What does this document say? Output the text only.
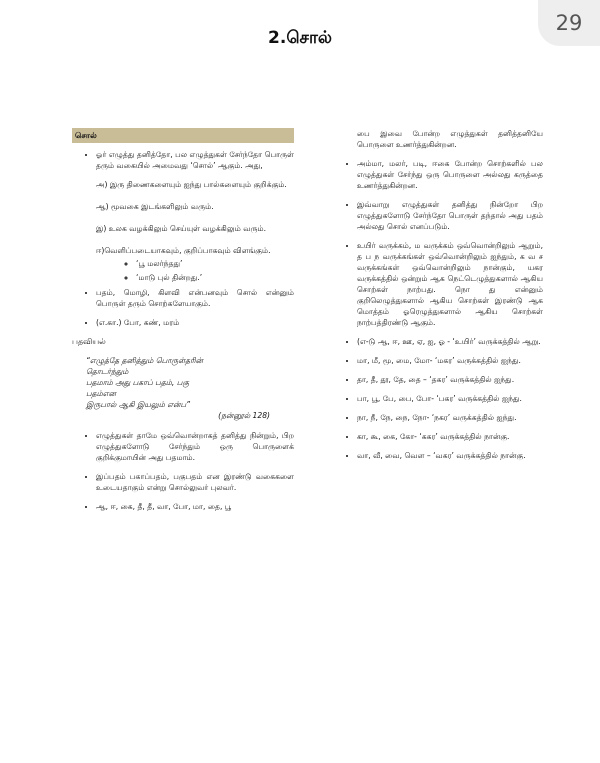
29
2.சொல்
சொல்
• ஓர் எழுத்து தனித்தோ, பல எழுத்துகள் சேர்ந்தோ பொருள் தரும் வகையில் அமைவது ‘சொல்’ ஆகும். அது,
அ) இரு திணைகளையும் ஐந்து பால்களையும் குறிக்கும்.
ஆ) மூவகை இடங்களிலும் வரும்.
இ) உலக வழக்கிலும் செய்யுள் வழக்கிலும் வரும்.
ஈ)வெளிப்படையாகவும், குறிப்பாகவும் விளங்கும்.
◦ ‘பூ மலர்ந்தது’
◦ ‘மாடு புல் தின்றது.’
• பதம், மொழி, கிளவி என்பனவும் சொல் என்னும் பொருள் தரும் சொற்களேயாகும்.
• (எ.கா.) போ, கண், மரம்
பதவியல்
“எழுத்தே தனித்தும் பொருள்தரின்
தொடர்ந்தும்
பதமாம் அது பகாப் பதம், பகு
பதம்என
இருபால் ஆகி இயலும் என்ப”
(நன்னூல் 128)
• எழுத்துகள் தாமே ஒவ்வொன்றாகத் தனித்து நின்றும், பிற எழுத்துகளோடு சேர்ந்தும் ஒரு பொருளைக் குறிக்குமாயின் அது பதமாம்.
• இப்பதம் பகாப்பதம், பகுபதம் என இரண்டு வகைகளை உடையதாகும் என்று சொல்லுவர் புலவர்.
• ஆ, ஈ, கை, தீ, தீ, வா, போ, மா, தை, பூ
பை இவை போன்ற எழுத்துகள் தனித்தனியே பொருளை உணர்த்துகின்றன.
• அம்மா, மலர், படி, ஈகை போன்ற சொற்களில் பல எழுத்துகள் சேர்ந்து ஒரு பொருளை அல்லது கருத்தை உணர்த்துகின்றன.
• இவ்வாறு எழுத்துகள் தனித்து நின்றோ பிற எழுத்துகளோடு சேர்ந்தோ பொருள் தந்தால் அது பதம் அல்லது சொல் எனப்படும்.
• உயிர் வருக்கம், ம வருக்கம் ஒவ்வொன்றிலும் ஆறும், த ப ந வருக்கங்கள் ஒவ்வொன்றிலும் ஐந்தும், க வ ச வருக்கங்கள் ஒவ்வொன்றிலும் நான்கும், யகர வருக்கத்தில் ஒன்றும் ஆக நெட்டெழுத்துகளால் ஆகிய சொற்கள் நாற்பது. நொ து என்னும் குறிலெழுத்துகளால் ஆகிய சொற்கள் இரண்டு ஆக மொத்தம் ஓரெழுத்துகளால் ஆகிய சொற்கள் நாற்பத்திரண்டு ஆகும்.
• (எ-டு ஆ, ஈ, ஊ, ஏ, ஐ, ஓ - ‘உயிர்’ வருக்கத்தில் ஆறு.
• மா, மீ, மூ, மை, மோ- ‘மகர’ வருக்கத்தில் ஐந்து.
• தா, தீ, தூ, தே, தை – ‘தகர’ வருக்கத்தில் ஐந்து.
• பா, பூ, பே, பை, போ- ‘பகர’ வருக்கத்தில் ஐந்து.
• நா, நீ, நே, நை, நோ- ‘நகர’ வருக்கத்தில் ஐந்து.
• கா, கூ, கை, கோ- ‘ககர’ வருக்கத்தில் நான்கு.
• வா, வீ, வை, வெள – ‘வகர’ வருக்கத்தில் நான்கு.
